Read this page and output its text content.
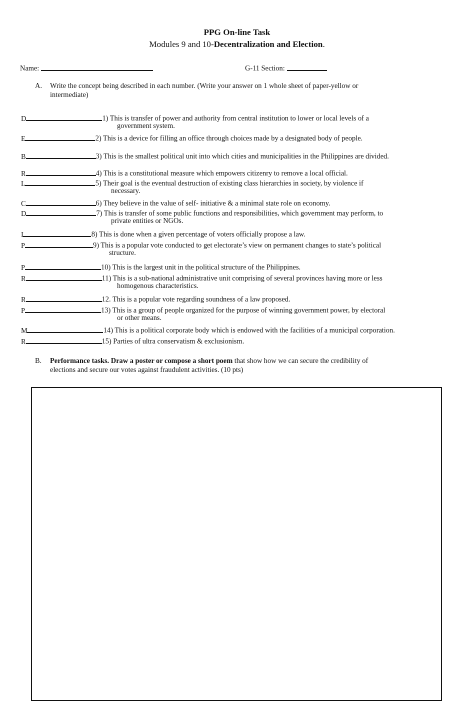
PPG On-line Task
Modules 9 and 10-Decentralization and Election.
Name:	G-11 Section:
A. Write the concept being described in each number. (Write your answer on 1 whole sheet of paper-yellow or
intermediate)
D	1) This is transfer of power and authority from central institution to lower or local levels of a
government system.
E	2) This is a device for filling an office through choices made by a designated body of people.
B	3) This is the smallest political unit into which cities and municipalities in the Philippines are divided.
R	4) This is a constitutional measure which empowers citizenry to remove a local official.
L	5) Their goal is the eventual destruction of existing class hierarchies in society, by violence if
necessary.
C	6) They believe in the value of self- initiative & a minimal state role on economy.
D	7) This is transfer of some public functions and responsibilities, which government may perform, to
private entities or NGOs.
I	8) This is done when a given percentage of voters officially propose a law.
P	9) This is a popular vote conducted to get electorate’s view on permanent changes to state’s political
structure.
P	10) This is the largest unit in the political structure of the Philippines.
R	11) This is a sub-national administrative unit comprising of several provinces having more or less
homogenous characteristics.
R	12. This is a popular vote regarding soundness of a law proposed.
P	13) This is a group of people organized for the purpose of winning government power, by electoral
or other means.
M	14) This is a political corporate body which is endowed with the facilities of a municipal corporation.
R	15) Parties of ultra conservatism & exclusionism.
B. Performance tasks. Draw a poster or compose a short poem that show how we can secure the credibility of
elections and secure our votes against fraudulent activities. (10 pts)
